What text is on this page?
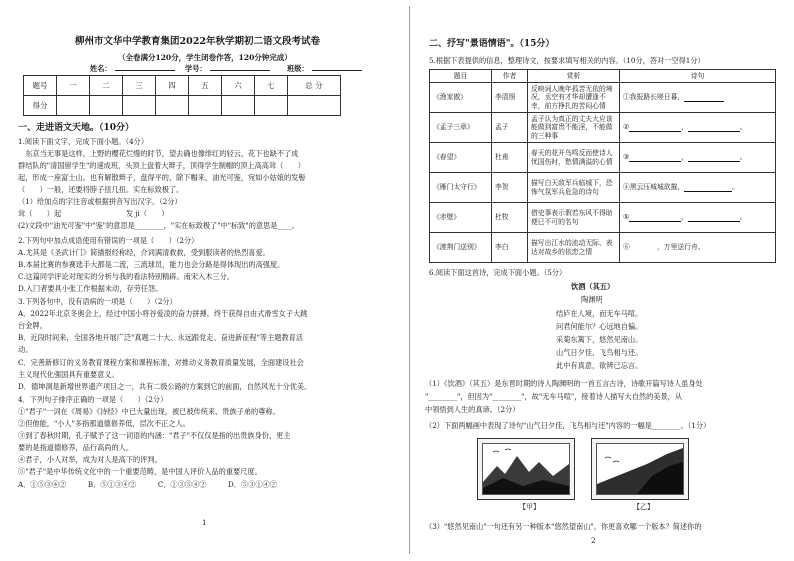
柳州市文华中学教育集团2022年秋学期初二语文段考试卷
（全卷满分120分，学生闭卷作答，120分钟完成）
姓名：	学号：	班级：
题号	一	二	三	四	五	六	七	总 分
得分								
一、走进语文天地。（10分）
1.阅读下面文字，完成下面小题。（4分）
　东京当无事是这样，上野的樱花烂熳的时节，望去确也像绯红的轻云，花下也缺不了成
群结队的"清国留学生"的速成班，头顶上盘着大辫子，顶得学生制帽的顶上高高耸（　　）
起，形成一座富士山。也有解散辫子，盘得平的，除下帽来，油光可鉴，宛如小姑娘的发髻
（　　）一般，还要将脖子扭几扭。实在标致极了。
（1）给加点的字注音或根据拼音写出汉字。（2分）
耸（　　）起　　　　　　　　　发 ji（　　）
(2)文段中"油光可鉴"中"鉴"的意思是________，"实在标致极了"中"标致"的意思是____。
2.下列句中加点成语使用有错误的一项是（　　）（2分）
A.尤其是《圣武计门》简描报经称经，介词满清救救，受到服读者的热烈喜爱。
B.本届比赛的参赛选手大都是二流，三流球员，能力也会分路是得体现出的高强度。
C.这篇同学评论对现实的分析与我的看法特别精辟。南宋入木三分。
D.入门者要具小张工作根据未动，存劳任怨。
3.下列各句中，没有语病的一项是（　　）（2分）
A．2022年北京冬奥会上，经过中国小将谷爱凌的奋力拼搏，终于获得自由式滑雪女子大跳
台金牌。
B．近段时间来，全国各地开展广泛"真题二十大、永远跟党走、奋进新征程"等主题教育活
动。
C．完善新修订的义务教育课程方案和课程标准，对推动义务教育质量发展，全面建设社会
主义现代化强国具有重要意义。
D．德坤洞是新增世界遗产项目之一，共有二级公路的方案到它的前面，自然风光十分优美。
4．下列句子排序正确的一项是（　　）（2分）
①"君子"一词在《周易》《诗经》中已大量出现，被已被传统来、贵族子弟的尊称。
②但他能，"小人"多指那道德修养低，层次不正之人。
③到了春秋时期，孔子赋予了这一词语的内涵："君子"不仅仅是指的出贵族身份，更主
要的是指道德修养，品行高尚的人。
④君子，小人对举，成为对人是高下的评判。
⑤"君子"是中华传统文化中的一个重要范畴，是中国人评价人品的重要尺度。
A．①⑤③④②　　　B．⑤①③④②　　　C．①③⑤④②　　　D．⑤③①④②
1
二、抒写"景语情语"。（15分）
5.根据下表提供的信息，整理诗文，按要求填写相关的内容。（10分，答对一空得1分）
题目	作者	赏析	诗句
《渔家傲》	李清照	反映词人晚年孤苦无依的境况，丞空有才华却遭逢不幸，前方挣扎的苦闷心情	①我报路长嗟日暮，
《孟子三章》	孟子	孟子认为真正的丈夫大应该能做到富贵不能淫，不能做的三种事	② ， 。
《春望》	杜甫	春天的花开鸟鸣反而使诗人忧国伤时，愁情满溢的心情	③ ， 。
《雁门太守行》	李贺	描写白天敌军兵临城下，恐怖气氛军兵危急的诗句	④黑云压城城欲摧， 。
《赤壁》	杜牧	借史事表示假若东风不得助便已不可的名句	⑤ ， 。
《渡荆门送别》	李白	描写出江水的流动无际、表达对故乡的依恋之情	⑥　　　　，万里送行舟。
6.阅读下面这首诗，完成下面小题。（5分）
饮酒（其五）
陶渊明
结庐在人境，而无车马喧。
问君何能尔？心远地自偏。
采菊东篱下，悠然见南山。
山气日夕佳，飞鸟相与还。
此中有真意，欲辨已忘言。
（1）《饮酒》（其五）是东晋时期的诗人陶渊明的一首五言古诗，诗歌开篇写诗人虽身处
"________"，但因为"________"，故"无车马喧"，接着诗人描写大自然的美景，从
中领悟到人生的真谛。（2分）
（2）下面两幅画中表现了诗句"山气日夕佳，飞鸟相与还"内容的一幅是________。（1分）
【甲】	【乙】
（3）"悠然见南山"一句还有另一种版本"悠然望南山"，你更喜欢哪一个版本？简述你的
2
